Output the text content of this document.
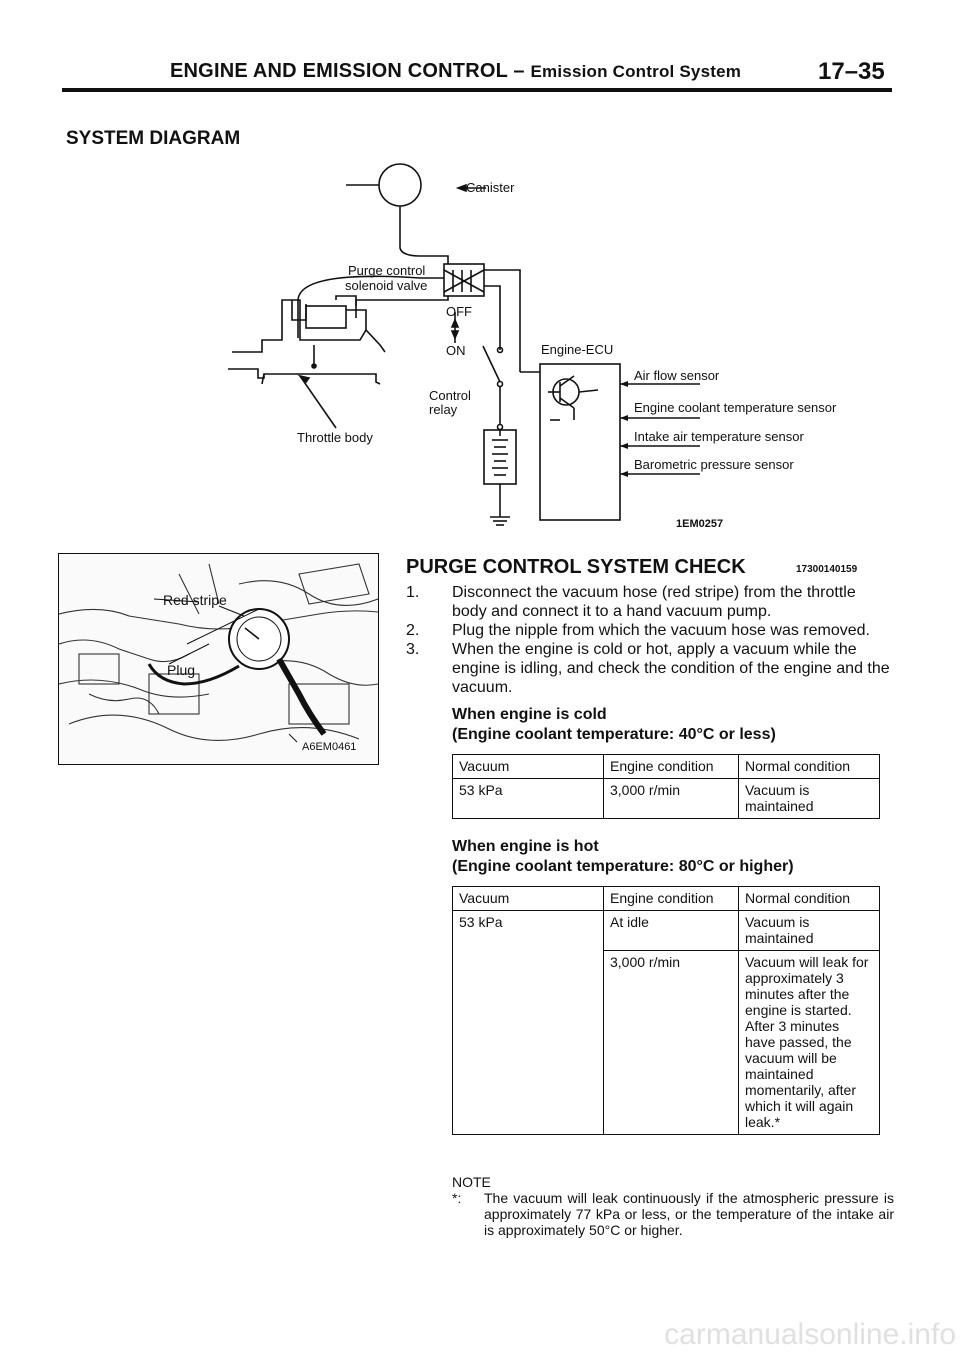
ENGINE AND EMISSION CONTROL – Emission Control System	17–35
SYSTEM DIAGRAM
Canister
Purge control
solenoid valve
OFF
ON	Engine-ECU
Control
relay
Throttle body
Air flow sensor
Engine coolant temperature sensor
Intake air temperature sensor
Barometric pressure sensor
1EM0257
Red stripe
Plug
A6EM0461
PURGE CONTROL SYSTEM CHECK	17300140159
1.	Disconnect the vacuum hose (red stripe) from the throttle body and connect it to a hand vacuum pump.
2.	Plug the nipple from which the vacuum hose was removed.
3.	When the engine is cold or hot, apply a vacuum while the engine is idling, and check the condition of the engine and the vacuum.
When engine is cold
(Engine coolant temperature: 40°C or less)
Vacuum	Engine condition	Normal condition
53 kPa	3,000 r/min	Vacuum is maintained
When engine is hot
(Engine coolant temperature: 80°C or higher)
Vacuum	Engine condition	Normal condition
53 kPa	At idle	Vacuum is maintained
	3,000 r/min	Vacuum will leak for approximately 3 minutes after the engine is started. After 3 minutes have passed, the vacuum will be maintained momentarily, after which it will again leak.*
NOTE
*: The vacuum will leak continuously if the atmospheric pressure is approximately 77 kPa or less, or the temperature of the intake air is approximately 50°C or higher.
carmanualsonline.info
